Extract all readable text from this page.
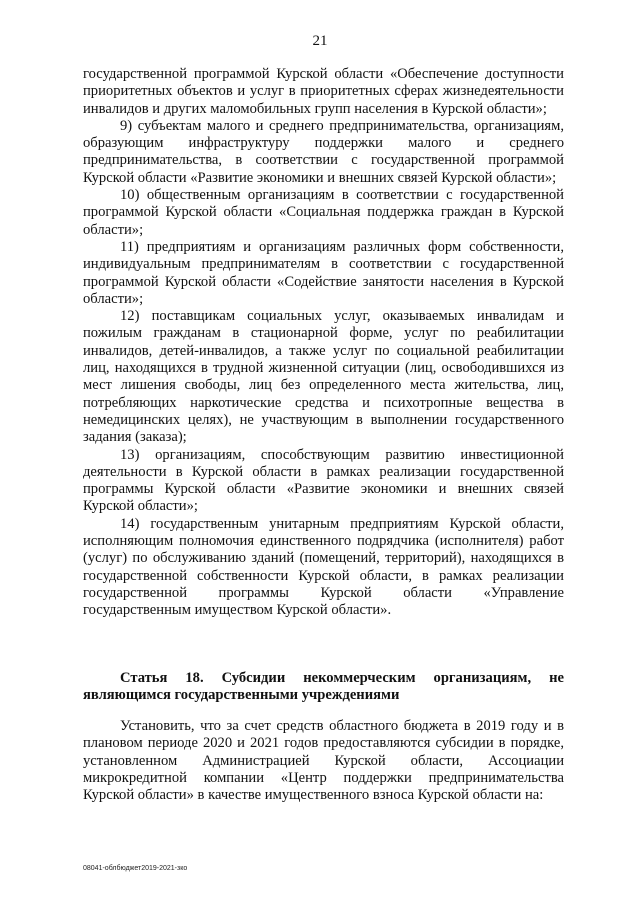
21

государственной программой Курской области «Обеспечение доступности приоритетных объектов и услуг в приоритетных сферах жизнедеятельности инвалидов и других маломобильных групп населения в Курской области»;

9) субъектам малого и среднего предпринимательства, организациям, образующим инфраструктуру поддержки малого и среднего предпринимательства, в соответствии с государственной программой Курской области «Развитие экономики и внешних связей Курской области»;

10) общественным организациям в соответствии с государственной программой Курской области «Социальная поддержка граждан в Курской области»;

11) предприятиям и организациям различных форм собственности, индивидуальным предпринимателям в соответствии с государственной программой Курской области «Содействие занятости населения в Курской области»;

12) поставщикам социальных услуг, оказываемых инвалидам и пожилым гражданам в стационарной форме, услуг по реабилитации инвалидов, детей-инвалидов, а также услуг по социальной реабилитации лиц, находящихся в трудной жизненной ситуации (лиц, освободившихся из мест лишения свободы, лиц без определенного места жительства, лиц, потребляющих наркотические средства и психотропные вещества в немедицинских целях), не участвующим в выполнении государственного задания (заказа);

13) организациям, способствующим развитию инвестиционной деятельности в Курской области в рамках реализации государственной программы Курской области «Развитие экономики и внешних связей Курской области»;

14) государственным унитарным предприятиям Курской области, исполняющим полномочия единственного подрядчика (исполнителя) работ (услуг) по обслуживанию зданий (помещений, территорий), находящихся в государственной собственности Курской области, в рамках реализации государственной программы Курской области «Управление государственным имуществом Курской области».

Статья 18. Субсидии некоммерческим организациям, не являющимся государственными учреждениями

Установить, что за счет средств областного бюджета в 2019 году и в плановом периоде 2020 и 2021 годов предоставляются субсидии в порядке, установленном Администрацией Курской области, Ассоциации микрокредитной компании «Центр поддержки предпринимательства Курской области» в качестве имущественного взноса Курской области на:

08041-облбюджет2019-2021-зко
